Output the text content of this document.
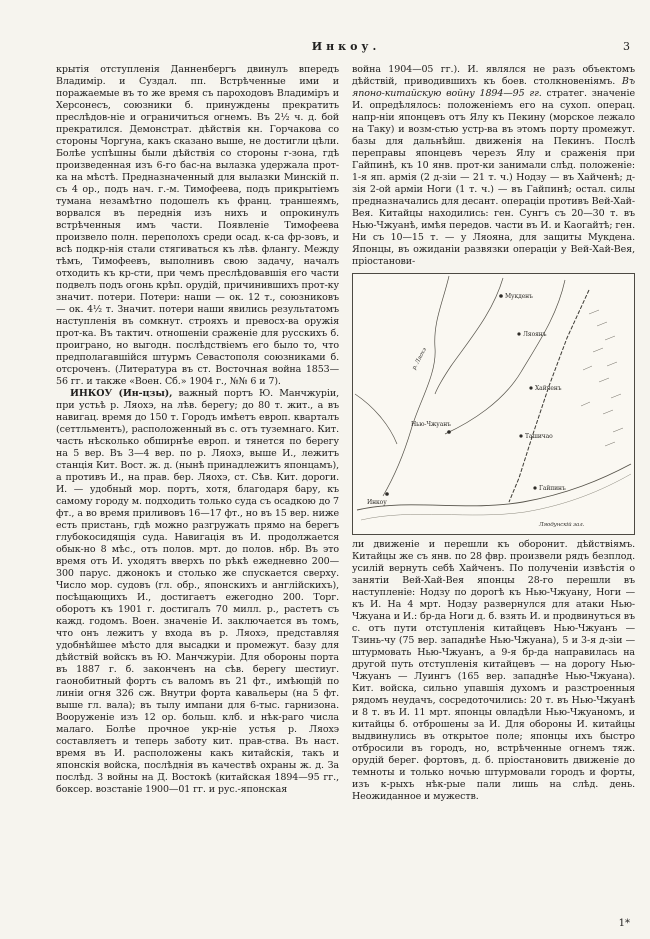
Инкоу.	3

крытія отступленія Данненбергъ двинулъ впередъ Владимір. и Суздал. пп. Встрѣченные ими и поражаемые въ то же время съ пароходовъ Владиміръ и Херсонесъ, союзники б. принуждены прекратить преслѣдов-ніе и ограничиться огнемъ. Въ 2½ ч. д. бой прекратился. Демонстрат. дѣйствія кн. Горчакова со стороны Чоргуна, какъ сказано выше, не достигли цѣли. Болѣе успѣшны были дѣйствія со стороны г-зона, гдѣ произведенная изъ 6-го бас-на вылазка удержала прот-ка на мѣстѣ. Предназначенный для вылазки Минскій п. съ 4 ор., подъ нач. г.-м. Тимофеева, подъ прикрытіемъ тумана незамѣтно подошелъ къ франц. траншеямъ, ворвался въ переднія изъ нихъ и опрокинулъ встрѣченныя имъ части. Появленіе Тимофеева произвело полн. переполохъ среди осад. к-са фр-зовъ, и всѣ подкр-нія стали стягиваться къ лѣв. флангу. Между тѣмъ, Тимофеевъ, выполнивъ свою задачу, началъ отходить къ кр-сти, при чемъ преслѣдовавшія его части подвелъ подъ огонь крѣп. орудій, причинившихъ прот-ку значит. потери. Потери: наши — ок. 12 т., союзниковъ — ок. 4½ т. Значит. потери наши явились результатомъ наступленія въ сомкнут. строяхъ и превосх-ва оружія прот-ка. Въ тактич. отношеніи сраженіе для русскихъ б. проиграно, но выгодн. послѣдствіемъ его было то, что предполагавшійся штурмъ Севастополя союзниками б. отсроченъ. (Литература въ ст. Восточная война 1853—56 гг. и также «Воен. Сб.» 1904 г., №№ 6 и 7).

ИНКОУ (Ин-цзы), важный портъ Ю. Манчжуріи, при устьѣ р. Ляохэ, на лѣв. берегу; до 80 т. жит., а въ навигац. время до 150 т. Городъ имѣетъ европ. кварталъ (сеттльментъ), расположенный въ с. отъ туземнаго. Кит. часть нѣсколько обширнѣе европ. и тянется по берегу на 5 вер. Въ 3—4 вер. по р. Ляохэ, выше И., лежитъ станція Кит. Вост. ж. д. (нынѣ принадлежитъ японцамъ), а противъ И., на прав. бер. Ляохэ, ст. Сѣв. Кит. дороги. И. — удобный мор. портъ, хотя, благодаря бару, къ самому городу м. подходить только суда съ осадкою до 7 фт., а во время приливовъ 16—17 фт., но въ 15 вер. ниже есть пристань, гдѣ можно разгружать прямо на берегъ глубокосидящія суда. Навигація въ И. продолжается обык-но 8 мѣс., отъ полов. мрт. до полов. нбр. Въ это время отъ И. уходятъ вверхъ по рѣкѣ ежедневно 200—300 парус. джонокъ и столько же спускается сверху. Число мор. судовъ (гл. обр., японскихъ и англійскихъ), посѣщающихъ И., достигаетъ ежегодно 200. Торг. оборотъ къ 1901 г. достигалъ 70 милл. р., растетъ съ кажд. годомъ. Воен. значеніе И. заключается въ томъ, что онъ лежитъ у входа въ р. Ляохэ, представляя удобнѣйшее мѣсто для высадки и промежут. базу для дѣйствій войскъ въ Ю. Манчжуріи. Для обороны порта въ 1887 г. б. законченъ на сѣв. берегу шестиуг. гаонобитный фортъ съ валомъ въ 21 фт., имѣющій по линіи огня 326 сж. Внутри форта кавальеры (на 5 фт. выше гл. вала); въ тылу импани для 6-тыс. гарнизона. Вооруженіе изъ 12 ор. больш. клб. и нѣк-раго числа малаго. Болѣе прочное укр-ніе устья р. Ляохэ составляетъ и теперь заботу кит. прав-ства. Въ наст. время въ И. расположены какъ китайскія, такъ и японскія войска, послѣднія въ качествѣ охраны ж. д. За послѣд. 3 войны на Д. Востокѣ (китайская 1894—95 гг., боксер. возстаніе 1900—01 гг. и рус.-японская

война 1904—05 гг.). И. являлся не разъ объектомъ дѣйствій, приводившихъ къ боев. столкновеніямъ. Въ японо-китайскую войну 1894—95 гг. стратег. значеніе И. опредѣлялось: положеніемъ его на сухоп. операц. напр-ніи японцевъ отъ Ялу къ Пекину (морское лежало на Таку) и возм-стью устр-ва въ этомъ порту промежут. базы для дальнѣйш. движенія на Пекинъ. Послѣ переправы японцевъ черезъ Ялу и сраженія при Гайпинѣ, къ 10 янв. прот-ки занимали слѣд. положеніе: 1-я яп. армія (2 д-зіи — 21 т. ч.) Нодзу — въ Хайченѣ; д-зія 2-ой арміи Ноги (1 т. ч.) — въ Гайпинѣ; остал. силы предназначались для десант. операціи противъ Вей-Хай-Вея. Китайцы находились: ген. Сунгъ съ 20—30 т. въ Нью-Чжуанѣ, имѣя передов. части въ И. и Каогайтѣ; ген. Ни съ 10—15 т. — у Ляояна, для защиты Мукдена. Японцы, въ ожиданіи развязки операціи у Вей-Хай-Вея, пріостанови-

Мукденъ
Ляоянъ
Хайченъ
Ташичао
Гайпинъ
Нью-Чжуанъ
Инкоу
р. Ляохэ
Ляодунскій зал.

ли движеніе и перешли къ оборонит. дѣйствіямъ. Китайцы же съ янв. по 28 фвр. произвели рядъ безплод. усилій вернуть себѣ Хайченъ. По полученіи извѣстія о занятіи Вей-Хай-Вея японцы 28-го перешли въ наступленіе: Нодзу по дорогѣ къ Нью-Чжуану, Ноги — къ И. На 4 мрт. Нодзу развернулся для атаки Нью-Чжуана и И.: бр-да Ноги д. б. взять И. и продвинуться въ с. отъ пути отступленія китайцевъ Нью-Чжуанъ — Тзинь-чу (75 вер. западнѣе Нью-Чжуана), 5 и 3-я д-зіи — штурмовать Нью-Чжуанъ, а 9-я бр-да направилась на другой путь отступленія китайцевъ — на дорогу Нью-Чжуанъ — Луингъ (165 вер. западнѣе Нью-Чжуана). Кит. войска, сильно упавшія духомъ и разстроенныя рядомъ неудачъ, сосредоточились: 20 т. въ Нью-Чжуанѣ и 8 т. въ И. 11 мрт. японцы овладѣли Нью-Чжуаномъ, и китайцы б. отброшены за И. Для обороны И. китайцы выдвинулись въ открытое поле; японцы ихъ быстро отбросили въ городъ, но, встрѣченные огнемъ тяж. орудій берег. фортовъ, д. б. пріостановить движеніе до темноты и только ночью штурмовали городъ и форты, изъ к-рыхъ нѣк-рые пали лишь на слѣд. день. Неожиданное и мужеств.

1*
